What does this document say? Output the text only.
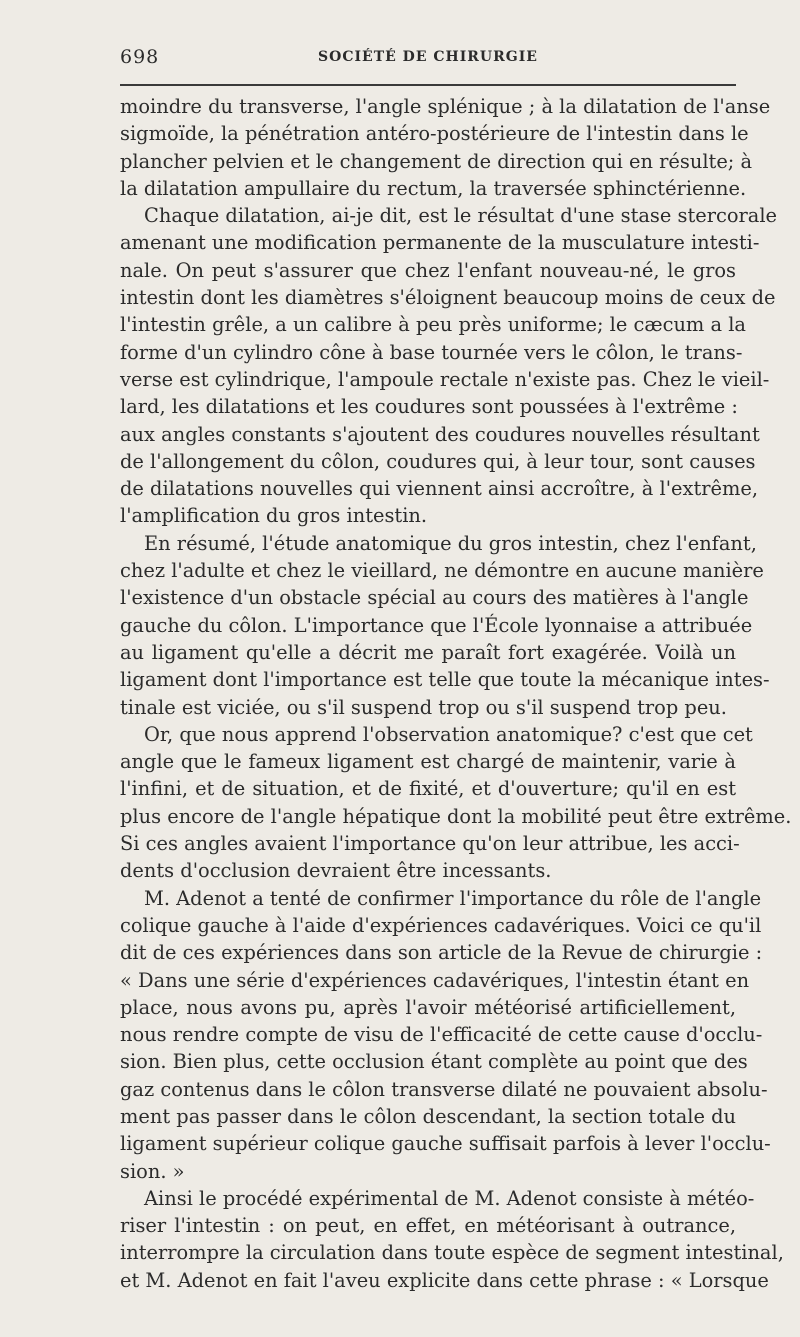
698	SOCIÉTÉ DE CHIRURGIE
moindre du transverse, l'angle splénique ; à la dilatation de l'anse
sigmoïde, la pénétration antéro-postérieure de l'intestin dans le
plancher pelvien et le changement de direction qui en résulte; à
la dilatation ampullaire du rectum, la traversée sphinctérienne.
Chaque dilatation, ai-je dit, est le résultat d'une stase stercorale
amenant une modification permanente de la musculature intesti-
nale. On peut s'assurer que chez l'enfant nouveau-né, le gros
intestin dont les diamètres s'éloignent beaucoup moins de ceux de
l'intestin grêle, a un calibre à peu près uniforme; le cæcum a la
forme d'un cylindro cône à base tournée vers le côlon, le trans-
verse est cylindrique, l'ampoule rectale n'existe pas. Chez le vieil-
lard, les dilatations et les coudures sont poussées à l'extrême :
aux angles constants s'ajoutent des coudures nouvelles résultant
de l'allongement du côlon, coudures qui, à leur tour, sont causes
de dilatations nouvelles qui viennent ainsi accroître, à l'extrême,
l'amplification du gros intestin.
En résumé, l'étude anatomique du gros intestin, chez l'enfant,
chez l'adulte et chez le vieillard, ne démontre en aucune manière
l'existence d'un obstacle spécial au cours des matières à l'angle
gauche du côlon. L'importance que l'École lyonnaise a attribuée
au ligament qu'elle a décrit me paraît fort exagérée. Voilà un
ligament dont l'importance est telle que toute la mécanique intes-
tinale est viciée, ou s'il suspend trop ou s'il suspend trop peu.
Or, que nous apprend l'observation anatomique? c'est que cet
angle que le fameux ligament est chargé de maintenir, varie à
l'infini, et de situation, et de fixité, et d'ouverture; qu'il en est
plus encore de l'angle hépatique dont la mobilité peut être extrême.
Si ces angles avaient l'importance qu'on leur attribue, les acci-
dents d'occlusion devraient être incessants.
M. Adenot a tenté de confirmer l'importance du rôle de l'angle
colique gauche à l'aide d'expériences cadavériques. Voici ce qu'il
dit de ces expériences dans son article de la Revue de chirurgie :
« Dans une série d'expériences cadavériques, l'intestin étant en
place, nous avons pu, après l'avoir météorisé artificiellement,
nous rendre compte de visu de l'efficacité de cette cause d'occlu-
sion. Bien plus, cette occlusion étant complète au point que des
gaz contenus dans le côlon transverse dilaté ne pouvaient absolu-
ment pas passer dans le côlon descendant, la section totale du
ligament supérieur colique gauche suffisait parfois à lever l'occlu-
sion. »
Ainsi le procédé expérimental de M. Adenot consiste à météo-
riser l'intestin : on peut, en effet, en météorisant à outrance,
interrompre la circulation dans toute espèce de segment intestinal,
et M. Adenot en fait l'aveu explicite dans cette phrase : « Lorsque
